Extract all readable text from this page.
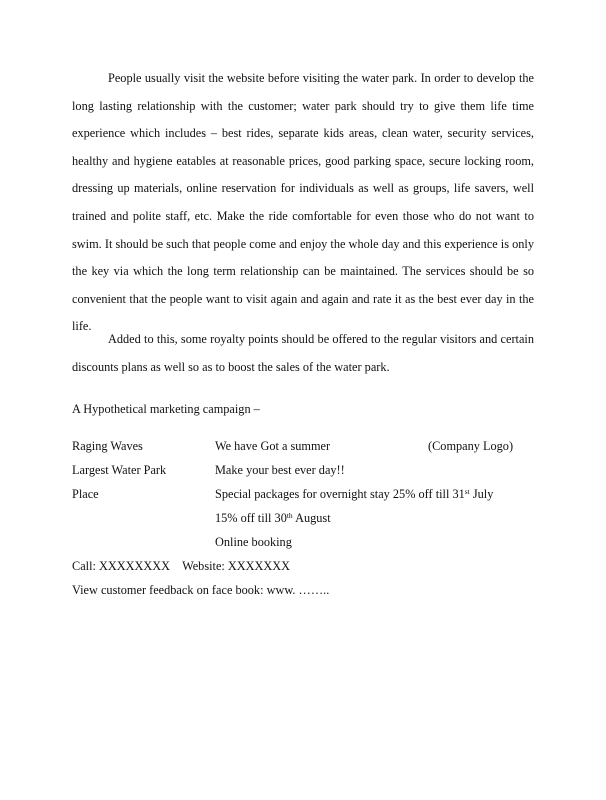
People usually visit the website before visiting the water park. In order to develop the long lasting relationship with the customer; water park should try to give them life time experience which includes – best rides, separate kids areas, clean water, security services, healthy and hygiene eatables at reasonable prices, good parking space, secure locking room, dressing up materials, online reservation for individuals as well as groups, life savers, well trained and polite staff, etc. Make the ride comfortable for even those who do not want to swim. It should be such that people come and enjoy the whole day and this experience is only the key via which the long term relationship can be maintained. The services should be so convenient that the people want to visit again and again and rate it as the best ever day in the life.

Added to this, some royalty points should be offered to the regular visitors and certain discounts plans as well so as to boost the sales of the water park.

A Hypothetical marketing campaign –
Raging Waves	We have Got a summer	(Company Logo)
Largest Water Park	Make your best ever day!!
Place	Special packages for overnight stay 25% off till 31st July
15% off till 30th August
Online booking
Call: XXXXXXXX    Website: XXXXXXX
View customer feedback on face book: www. ……..
